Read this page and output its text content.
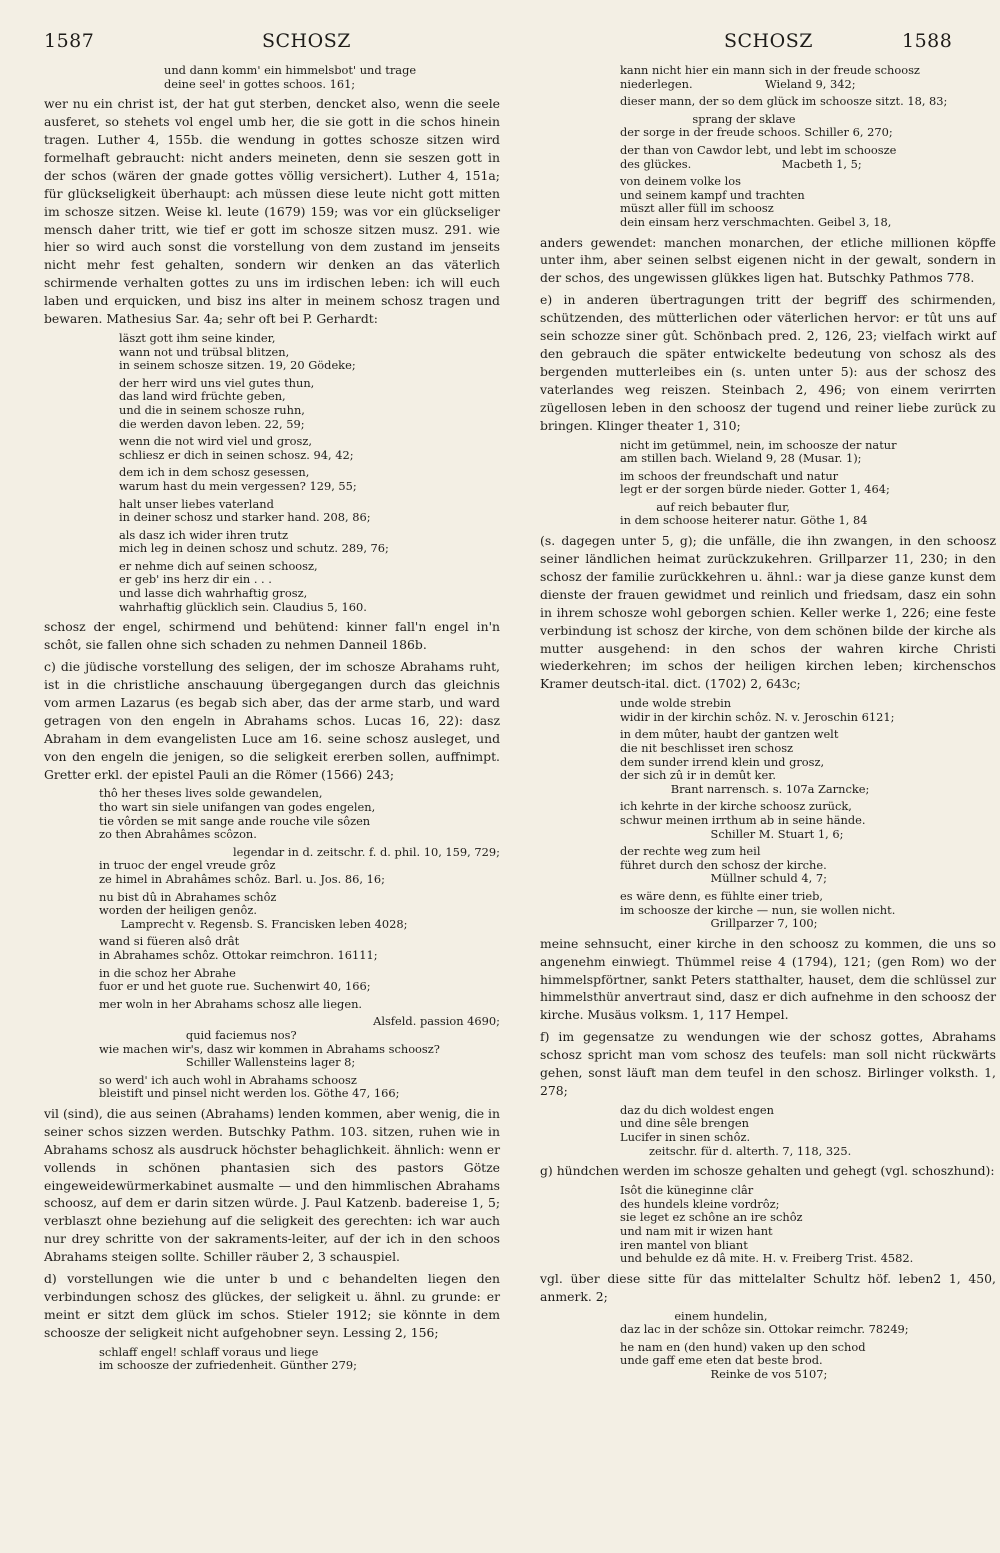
1587	SCHOSZ	SCHOSZ	1588
und dann komm' ein himmelsbot' und trage
deine seel' in gottes schoos. 161;

wer nu ein christ ist, der hat gut sterben, dencket also, wenn die seele ausferet, so stehets vol engel umb her, die sie gott in die schos hinein tragen. Luther 4, 155b. die wendung in gottes schosze sitzen wird formelhaft gebraucht: nicht anders meineten, denn sie seszen gott in der schos (wären der gnade gottes völlig versichert). Luther 4, 151a; für glückseligkeit überhaupt: ach müssen diese leute nicht gott mitten im schosze sitzen. Weise kl. leute (1679) 159; was vor ein glückseliger mensch daher tritt, wie tief er gott im schosze sitzen musz. 291. wie hier so wird auch sonst die vorstellung von dem zustand im jenseits nicht mehr fest gehalten, sondern wir denken an das väterlich schirmende verhalten gottes zu uns im irdischen leben: ich will euch laben und erquicken, und bisz ins alter in meinem schosz tragen und bewaren. Mathesius Sar. 4a; sehr oft bei P. Gerhardt:

läszt gott ihm seine kinder,
wann not und trübsal blitzen,
in seinem schosze sitzen. 19, 20 Gödeke;
der herr wird uns viel gutes thun,
das land wird früchte geben,
und die in seinem schosze ruhn,
die werden davon leben. 22, 59;
wenn die not wird viel und grosz,
schliesz er dich in seinen schosz. 94, 42;
dem ich in dem schosz gesessen,
warum hast du mein vergessen? 129, 55;
halt unser liebes vaterland
in deiner schosz und starker hand. 208, 86;
als dasz ich wider ihren trutz
mich leg in deinen schosz und schutz. 289, 76;
er nehme dich auf seinen schoosz,
er geb' ins herz dir ein . . .
und lasse dich wahrhaftig grosz,
wahrhaftig glücklich sein. Claudius 5, 160.

schosz der engel, schirmend und behütend: kinner fall'n engel in'n schôt, sie fallen ohne sich schaden zu nehmen Danneil 186b.

c) die jüdische vorstellung des seligen, der im schosze Abrahams ruht, ist in die christliche anschauung übergegangen durch das gleichnis vom armen Lazarus (es begab sich aber, das der arme starb, und ward getragen von den engeln in Abrahams schos. Lucas 16, 22): dasz Abraham in dem evangelisten Luce am 16. seine schosz ausleget, und von den engeln die jenigen, so die seligkeit ererben sollen, auffnimpt. Gretter erkl. der epistel Pauli an die Römer (1566) 243;

thô her theses lives solde gewandelen,
tho wart sin siele unifangen van godes engelen,
tie vôrden se mit sange ande rouche vile sôzen
zo then Abrahâmes scôzon.
legendar in d. zeitschr. f. d. phil. 10, 159, 729;
in truoc der engel vreude grôz
ze himel in Abrahâmes schôz. Barl. u. Jos. 86, 16;
nu bist dû in Abrahames schôz
worden der heiligen genôz.
Lamprecht v. Regensb. S. Francisken leben 4028;
wand si füeren alsô drât
in Abrahames schôz. Ottokar reimchron. 16111;
in die schoz her Abrahe
fuor er und het guote rue. Suchenwirt 40, 166;
mer woln in her Abrahams schosz alle liegen.
Alsfeld. passion 4690;
quid faciemus nos?
wie machen wir's, dasz wir kommen in Abrahams schoosz?
Schiller Wallensteins lager 8;
so werd' ich auch wohl in Abrahams schoosz
bleistift und pinsel nicht werden los. Göthe 47, 166;

vil (sind), die aus seinen (Abrahams) lenden kommen, aber wenig, die in seiner schos sizzen werden. Butschky Pathm. 103. sitzen, ruhen wie in Abrahams schosz als ausdruck höchster behaglichkeit. ähnlich: wenn er vollends in schönen phantasien sich des pastors Götze eingeweidewürmerkabinet ausmalte — und den himmlischen Abrahams schoosz, auf dem er darin sitzen würde. J. Paul Katzenb. badereise 1, 5; verblaszt ohne beziehung auf die seligkeit des gerechten: ich war auch nur drey schritte von der sakraments-leiter, auf der ich in den schoos Abrahams steigen sollte. Schiller räuber 2, 3 schauspiel.

d) vorstellungen wie die unter b und c behandelten liegen den verbindungen schosz des glückes, der seligkeit u. ähnl. zu grunde: er meint er sitzt dem glück im schos. Stieler 1912; sie könnte in dem schoosze der seligkeit nicht aufgehobner seyn. Lessing 2, 156;

schlaff engel! schlaff voraus und liege
im schoosze der zufriedenheit. Günther 279;
kann nicht hier ein mann sich in der freude schoosz
niederlegen.                    Wieland 9, 342;
dieser mann, der so dem glück im schoosze sitzt. 18, 83;
sprang der sklave
der sorge in der freude schoos. Schiller 6, 270;
der than von Cawdor lebt, und lebt im schoosze
des glückes.                         Macbeth 1, 5;
von deinem volke los
und seinem kampf und trachten
müszt aller füll im schoosz
dein einsam herz verschmachten. Geibel 3, 18,

anders gewendet: manchen monarchen, der etliche millionen köpffe unter ihm, aber seinen selbst eigenen nicht in der gewalt, sondern in der schos, des ungewissen glükkes ligen hat. Butschky Pathmos 778.

e) in anderen übertragungen tritt der begriff des schirmenden, schützenden, des mütterlichen oder väterlichen hervor: er tût uns auf sein schozze siner gût. Schönbach pred. 2, 126, 23; vielfach wirkt auf den gebrauch die später entwickelte bedeutung von schosz als des bergenden mutterleibes ein (s. unten unter 5): aus der schosz des vaterlandes weg reiszen. Steinbach 2, 496; von einem verirrten zügellosen leben in den schoosz der tugend und reiner liebe zurück zu bringen. Klinger theater 1, 310;

nicht im getümmel, nein, im schoosze der natur
am stillen bach. Wieland 9, 28 (Musar. 1);
im schoos der freundschaft und natur
legt er der sorgen bürde nieder. Gotter 1, 464;
auf reich bebauter flur,
in dem schoose heiterer natur. Göthe 1, 84

(s. dagegen unter 5, g); die unfälle, die ihn zwangen, in den schoosz seiner ländlichen heimat zurückzukehren. Grillparzer 11, 230; in den schosz der familie zurückkehren u. ähnl.: war ja diese ganze kunst dem dienste der frauen gewidmet und reinlich und friedsam, dasz ein sohn in ihrem schosze wohl geborgen schien. Keller werke 1, 226; eine feste verbindung ist schosz der kirche, von dem schönen bilde der kirche als mutter ausgehend: in den schos der wahren kirche Christi wiederkehren; im schos der heiligen kirchen leben; kirchenschos Kramer deutsch-ital. dict. (1702) 2, 643c;

unde wolde strebin
widir in der kirchin schôz. N. v. Jeroschin 6121;
in dem mûter, haubt der gantzen welt
die nit beschlisset iren schosz
dem sunder irrend klein und grosz,
der sich zû ir in demût ker.
Brant narrensch. s. 107a Zarncke;
ich kehrte in der kirche schoosz zurück,
schwur meinen irrthum ab in seine hände.
Schiller M. Stuart 1, 6;
der rechte weg zum heil
führet durch den schosz der kirche.
Müllner schuld 4, 7;
es wäre denn, es fühlte einer trieb,
im schoosze der kirche — nun, sie wollen nicht.
Grillparzer 7, 100;

meine sehnsucht, einer kirche in den schoosz zu kommen, die uns so angenehm einwiegt. Thümmel reise 4 (1794), 121; (gen Rom) wo der himmelspförtner, sankt Peters statthalter, hauset, dem die schlüssel zur himmelsthür anvertraut sind, dasz er dich aufnehme in den schoosz der kirche. Musäus volksm. 1, 117 Hempel.

f) im gegensatze zu wendungen wie der schosz gottes, Abrahams schosz spricht man vom schosz des teufels: man soll nicht rückwärts gehen, sonst läuft man dem teufel in den schosz. Birlinger volksth. 1, 278;

daz du dich woldest engen
und dine sêle brengen
Lucifer in sinen schôz.
zeitschr. für d. alterth. 7, 118, 325.

g) hündchen werden im schosze gehalten und gehegt (vgl. schoszhund):

Isôt die küneginne clâr
des hundels kleine vordrôz;
sie leget ez schône an ire schôz
und nam mit ir wizen hant
iren mantel von bliant
und behulde ez dâ mite. H. v. Freiberg Trist. 4582.

vgl. über diese sitte für das mittelalter Schultz höf. leben2 1, 450, anmerk. 2;

einem hundelin,
daz lac in der schôze sin. Ottokar reimchr. 78249;
he nam en (den hund) vaken up den schod
unde gaff eme eten dat beste brod.
Reinke de vos 5107;
